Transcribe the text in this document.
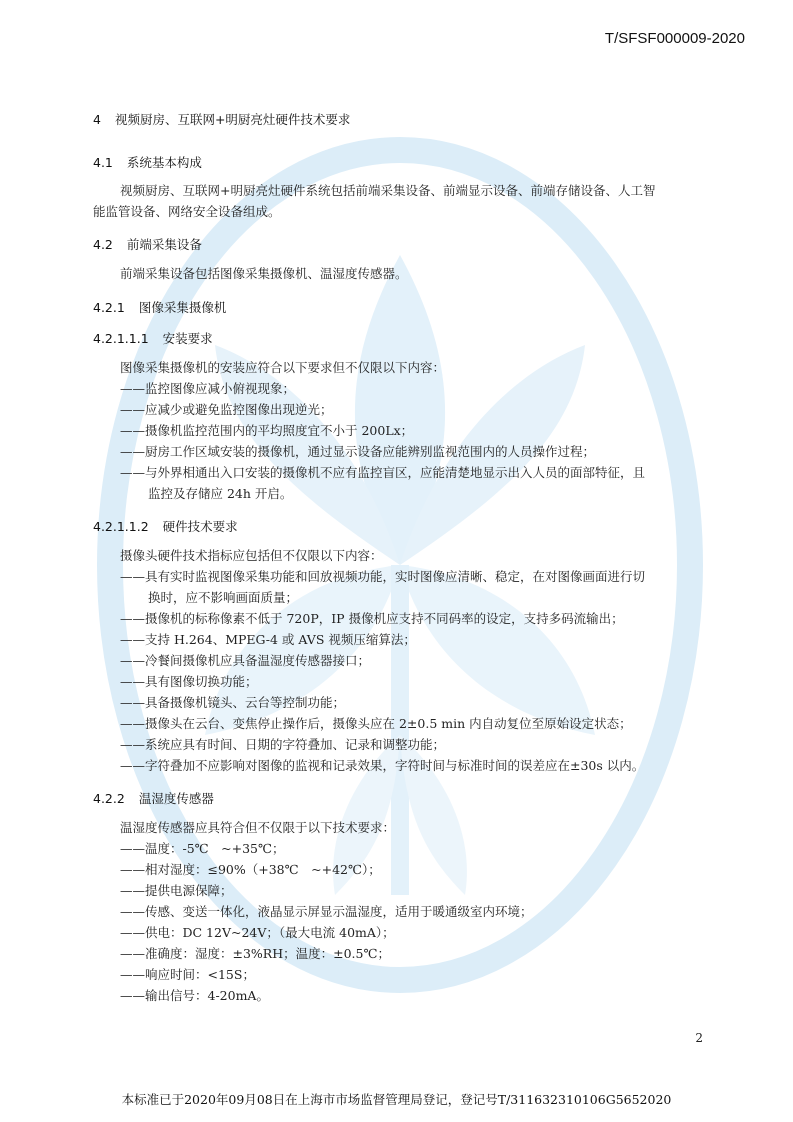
T/SFSF000009-2020
4 视频厨房、互联网+明厨亮灶硬件技术要求
4.1 系统基本构成
视频厨房、互联网+明厨亮灶硬件系统包括前端采集设备、前端显示设备、前端存储设备、人工智
能监管设备、网络安全设备组成。
4.2 前端采集设备
前端采集设备包括图像采集摄像机、温湿度传感器。
4.2.1 图像采集摄像机
4.2.1.1.1 安装要求
图像采集摄像机的安装应符合以下要求但不仅限以下内容：
——监控图像应减小俯视现象；
——应减少或避免监控图像出现逆光；
——摄像机监控范围内的平均照度宜不小于 200Lx；
——厨房工作区域安装的摄像机，通过显示设备应能辨别监视范围内的人员操作过程；
——与外界相通出入口安装的摄像机不应有监控盲区，应能清楚地显示出入人员的面部特征，且
监控及存储应 24h 开启。
4.2.1.1.2 硬件技术要求
摄像头硬件技术指标应包括但不仅限以下内容：
——具有实时监视图像采集功能和回放视频功能，实时图像应清晰、稳定，在对图像画面进行切
换时，应不影响画面质量；
——摄像机的标称像素不低于 720P，IP 摄像机应支持不同码率的设定，支持多码流输出；
——支持 H.264、MPEG-4 或 AVS 视频压缩算法；
——冷餐间摄像机应具备温湿度传感器接口；
——具有图像切换功能；
——具备摄像机镜头、云台等控制功能；
——摄像头在云台、变焦停止操作后，摄像头应在 2±0.5 min 内自动复位至原始设定状态；
——系统应具有时间、日期的字符叠加、记录和调整功能；
——字符叠加不应影响对图像的监视和记录效果，字符时间与标准时间的误差应在±30s 以内。
4.2.2 温湿度传感器
温湿度传感器应具符合但不仅限于以下技术要求：
——温度：-5℃　~+35℃；
——相对湿度：≤90%（+38℃　~+42℃）；
——提供电源保障；
——传感、变送一体化，液晶显示屏显示温湿度，适用于暖通级室内环境；
——供电：DC 12V~24V；（最大电流 40mA）；
——准确度：湿度：±3%RH；温度：±0.5℃；
——响应时间：<15S；
——输出信号：4-20mA。
2
本标准已于2020年09月08日在上海市市场监督管理局登记，登记号T/311632310106G5652020
